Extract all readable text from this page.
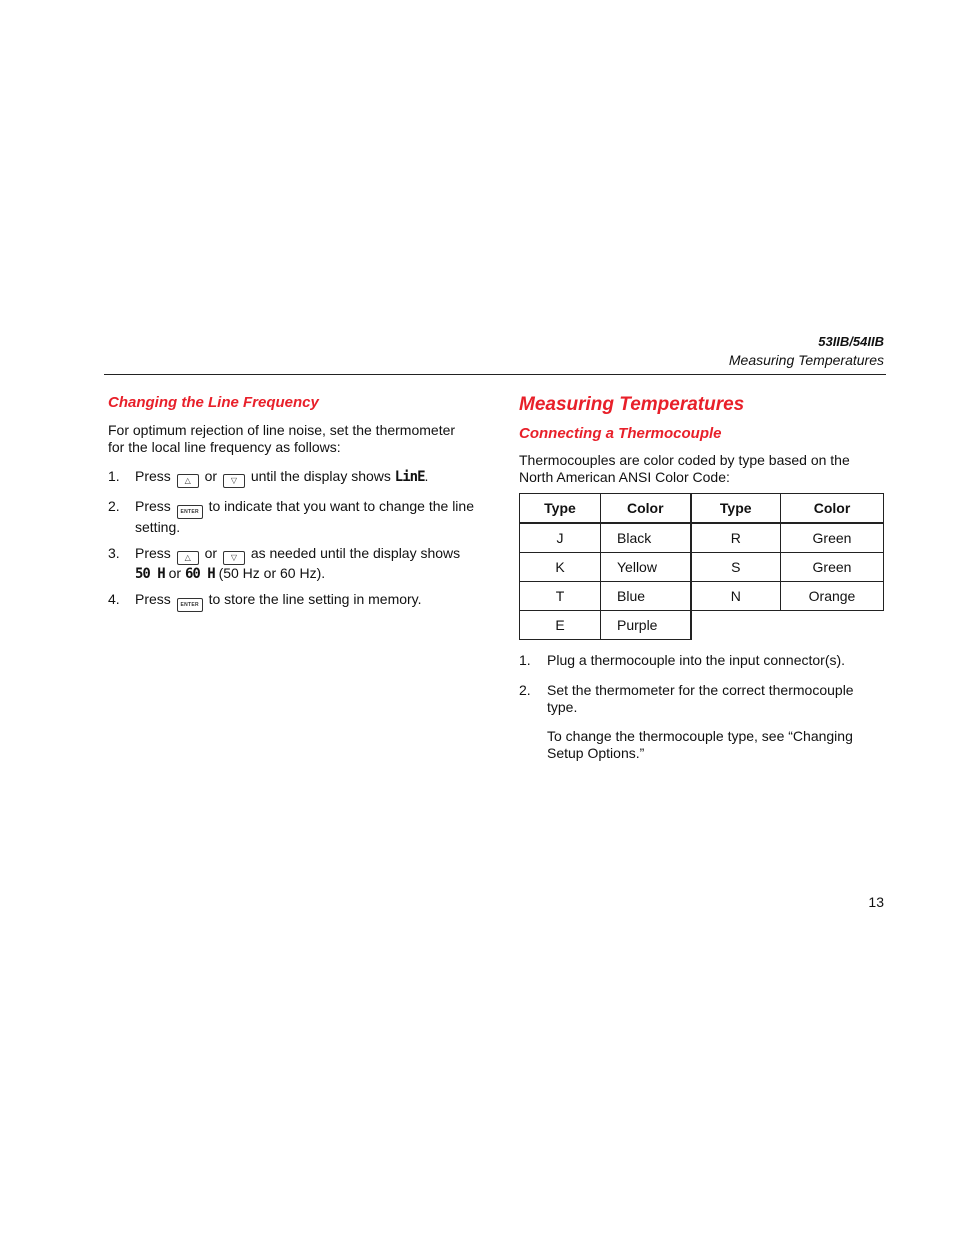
53IIB/54IIB
Measuring Temperatures
Changing the Line Frequency
For optimum rejection of line noise, set the thermometer
for the local line frequency as follows:
1. Press △ or ▽ until the display shows LinE.
2. Press ENTER to indicate that you want to change the line
setting.
3. Press △ or ▽ as needed until the display shows
50 H or 60 H (50 Hz or 60 Hz).
4. Press ENTER to store the line setting in memory.
Measuring Temperatures
Connecting a Thermocouple
Thermocouples are color coded by type based on the
North American ANSI Color Code:
Type	Color	Type	Color
J	Black	R	Green
K	Yellow	S	Green
T	Blue	N	Orange
E	Purple		
1. Plug a thermocouple into the input connector(s).
2. Set the thermometer for the correct thermocouple
type.
To change the thermocouple type, see “Changing
Setup Options.”
13
